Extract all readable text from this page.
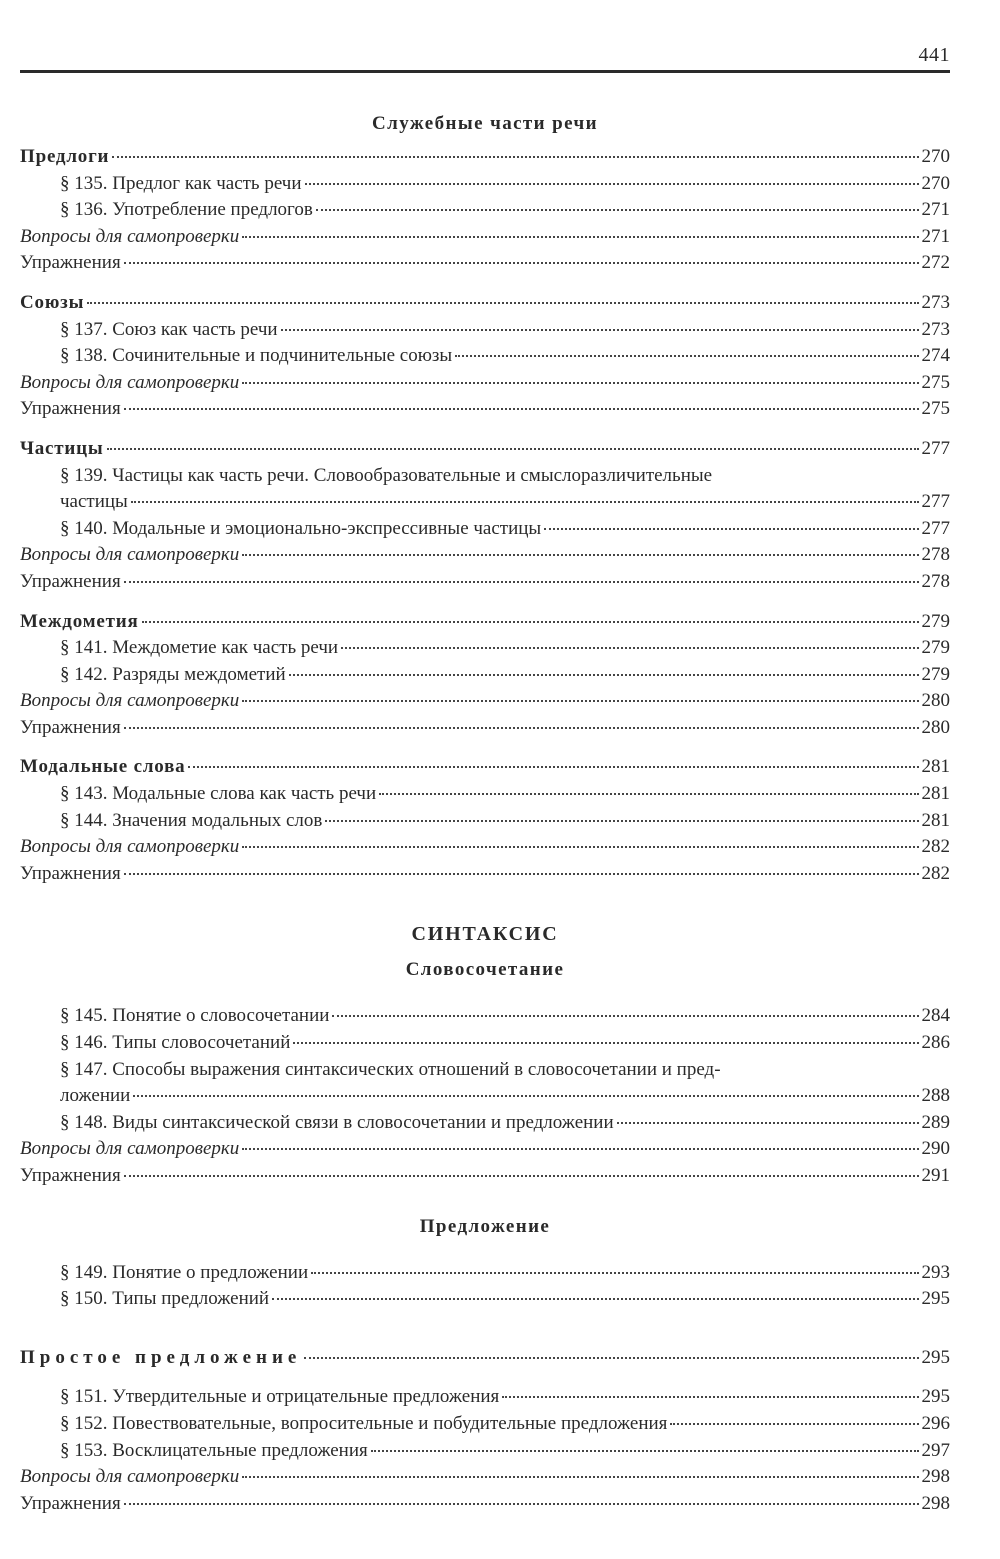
441
Служебные части речи
Предлоги	270
§ 135. Предлог как часть речи	270
§ 136. Употребление предлогов	271
Вопросы для самопроверки	271
Упражнения	272
Союзы	273
§ 137. Союз как часть речи	273
§ 138. Сочинительные и подчинительные союзы	274
Вопросы для самопроверки	275
Упражнения	275
Частицы	277
§ 139. Частицы как часть речи. Словообразовательные и смыслоразличительные
частицы	277
§ 140. Модальные и эмоционально-экспрессивные частицы	277
Вопросы для самопроверки	278
Упражнения	278
Междометия	279
§ 141. Междометие как часть речи	279
§ 142. Разряды междометий	279
Вопросы для самопроверки	280
Упражнения	280
Модальные слова	281
§ 143. Модальные слова как часть речи	281
§ 144. Значения модальных слов	281
Вопросы для самопроверки	282
Упражнения	282
СИНТАКСИС
Словосочетание
§ 145. Понятие о словосочетании	284
§ 146. Типы словосочетаний	286
§ 147. Способы выражения синтаксических отношений в словосочетании и пред-
ложении	288
§ 148. Виды синтаксической связи в словосочетании и предложении	289
Вопросы для самопроверки	290
Упражнения	291
Предложение
§ 149. Понятие о предложении	293
§ 150. Типы предложений	295
Простое предложение	295
§ 151. Утвердительные и отрицательные предложения	295
§ 152. Повествовательные, вопросительные и побудительные предложения	296
§ 153. Восклицательные предложения	297
Вопросы для самопроверки	298
Упражнения	298
